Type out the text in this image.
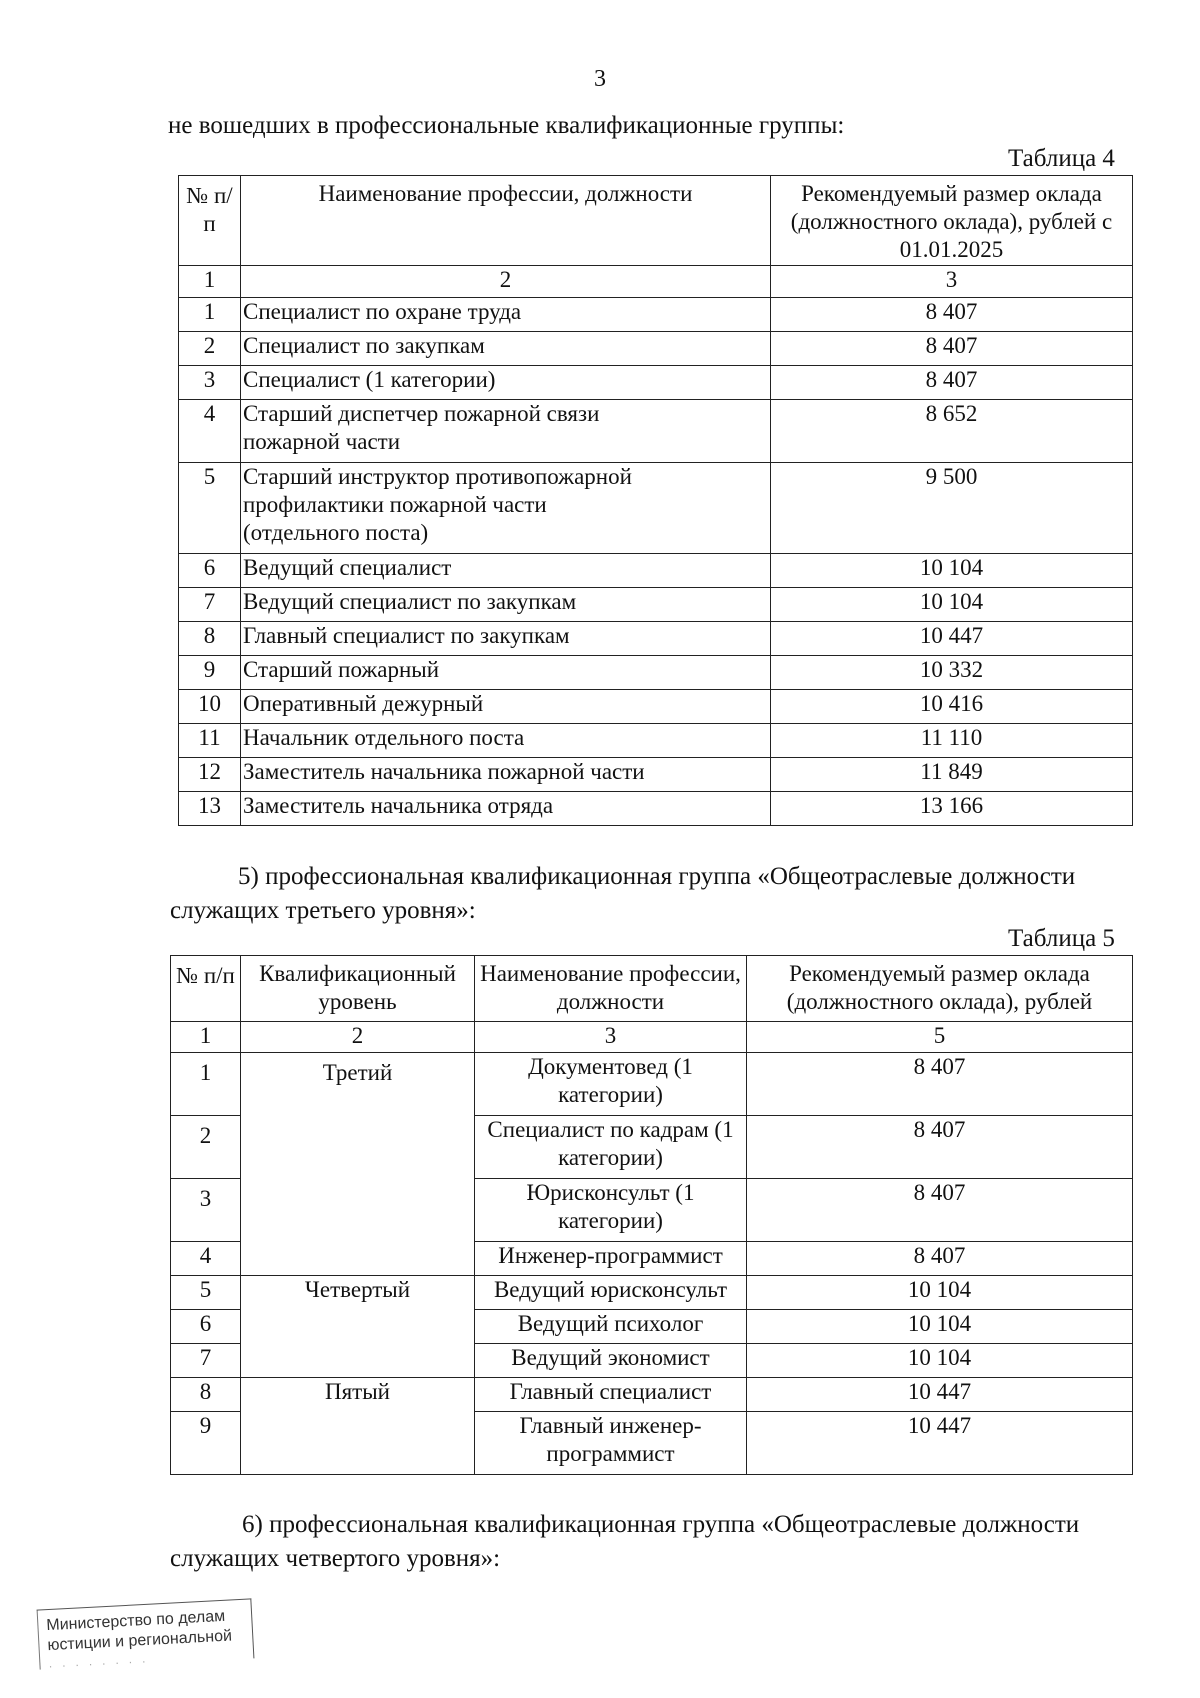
3
не вошедших в профессиональные квалификационные группы:
Таблица 4
№ п/п	Наименование профессии, должности	Рекомендуемый размер оклада (должностного оклада), рублей с 01.01.2025
1	2	3
1	Специалист по охране труда	8 407
2	Специалист по закупкам	8 407
3	Специалист (1 категории)	8 407
4	Старший диспетчер пожарной связи пожарной части	8 652
5	Старший инструктор противопожарной профилактики пожарной части (отдельного поста)	9 500
6	Ведущий специалист	10 104
7	Ведущий специалист по закупкам	10 104
8	Главный специалист по закупкам	10 447
9	Старший пожарный	10 332
10	Оперативный дежурный	10 416
11	Начальник отдельного поста	11 110
12	Заместитель начальника пожарной части	11 849
13	Заместитель начальника отряда	13 166
5) профессиональная квалификационная группа «Общеотраслевые должности служащих третьего уровня»:
Таблица 5
№ п/п	Квалификационный уровень	Наименование профессии, должности	Рекомендуемый размер оклада (должностного оклада), рублей
1	2	3	5
1	Третий	Документовед (1 категории)	8 407
2		Специалист по кадрам (1 категории)	8 407
3		Юрисконсульт (1 категории)	8 407
4		Инженер-программист	8 407
5	Четвертый	Ведущий юрисконсульт	10 104
6		Ведущий психолог	10 104
7		Ведущий экономист	10 104
8	Пятый	Главный специалист	10 447
9		Главный инженер-программист	10 447
6) профессиональная квалификационная группа «Общеотраслевые должности служащих четвертого уровня»:
Министерство по делам
юстиции и региональной
· · · · · · · ·
